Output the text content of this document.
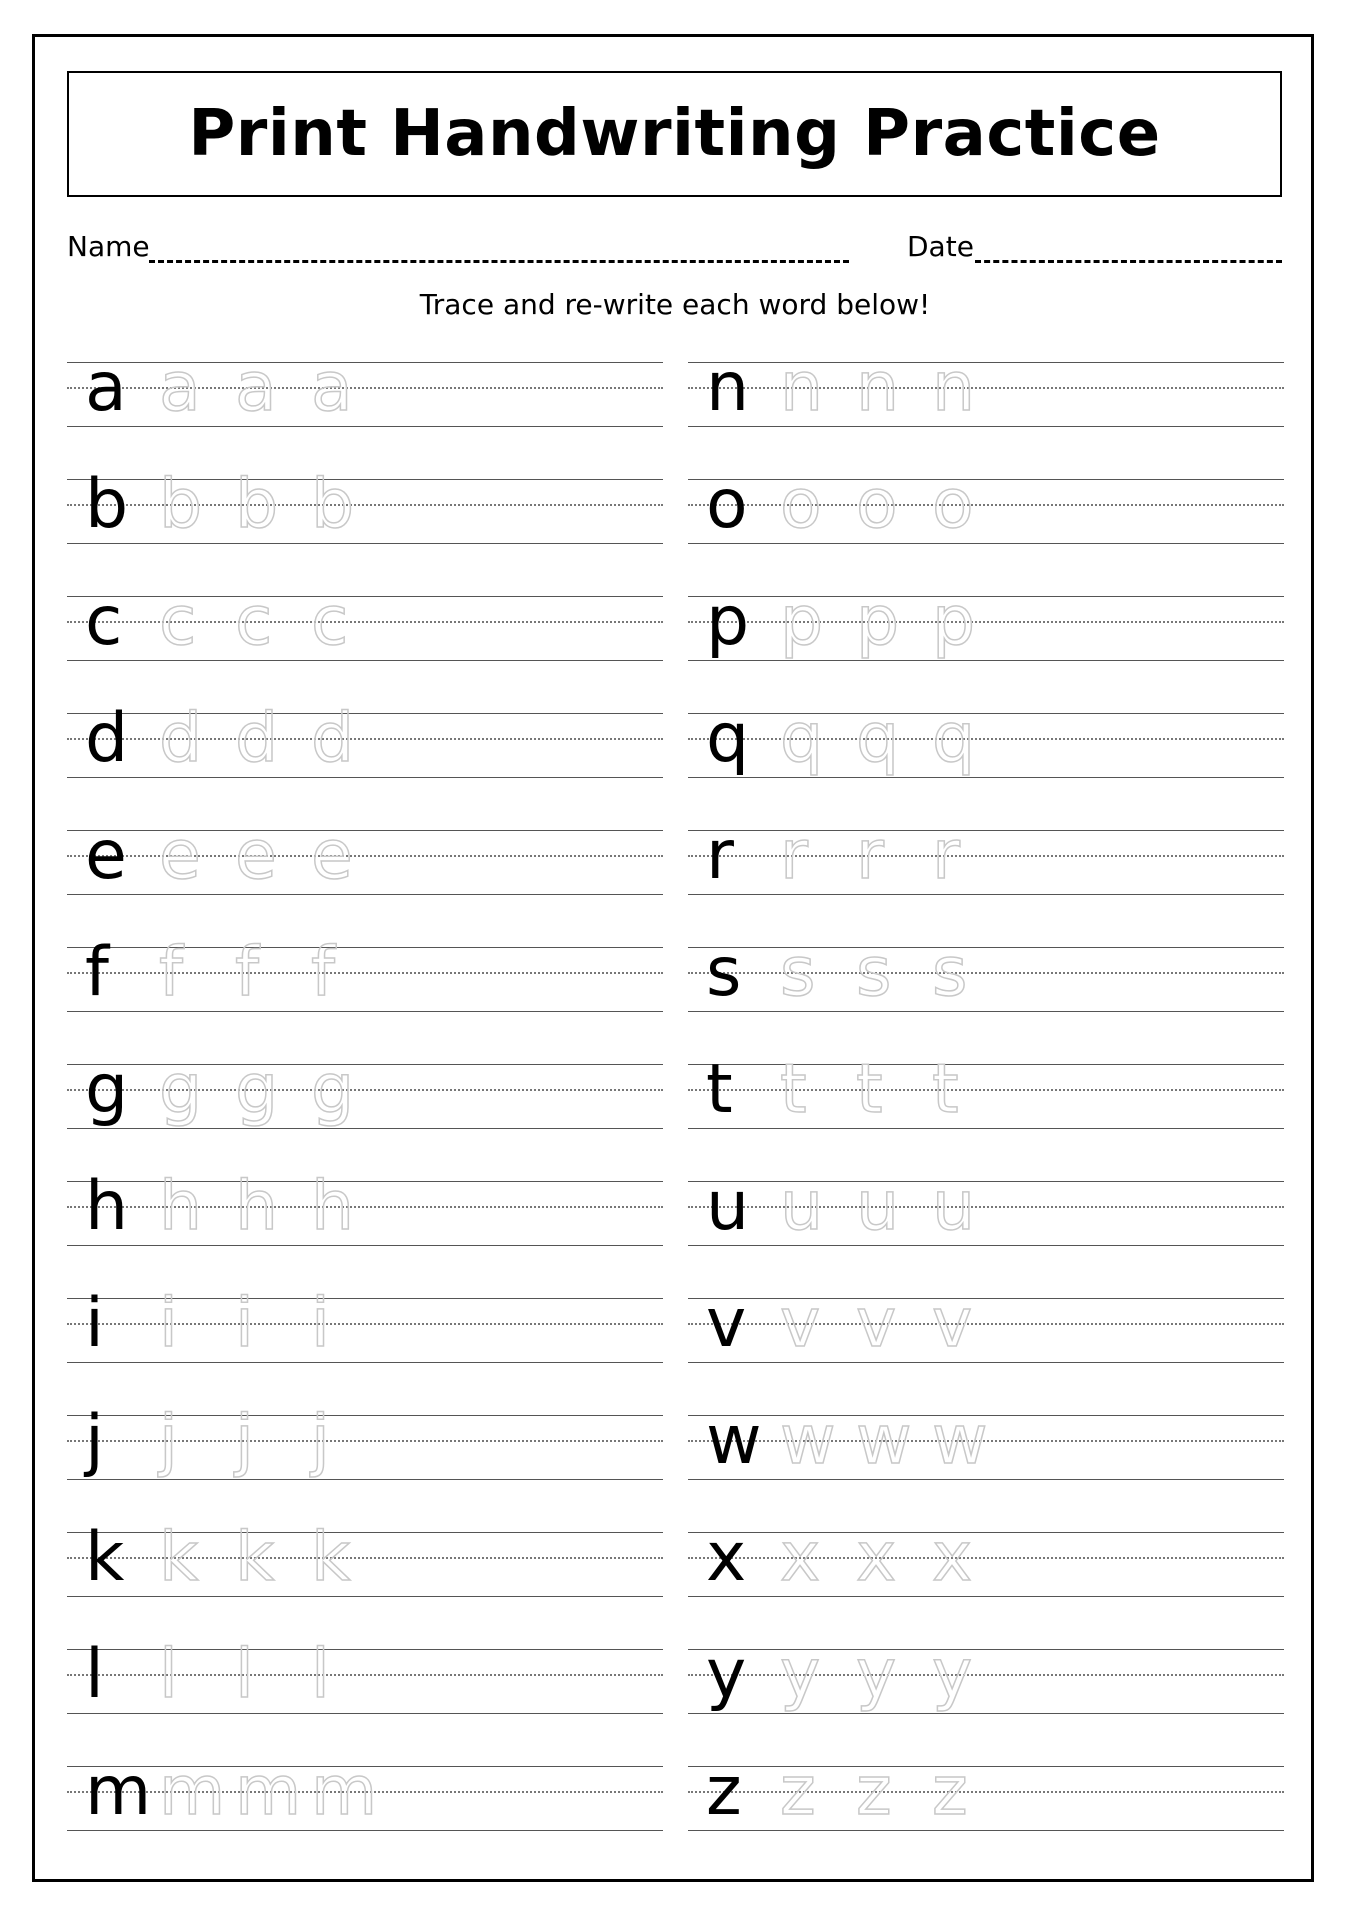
Print Handwriting Practice
Name	Date
Trace and re-write each word below!
a a a a
b b b b
c c c c
d d d d
e e e e
f f f f
g g g g
h h h h
i i i i
j j j j
k k k k
l l l l
m m m m
n n n n
o o o o
p p p p
q q q q
r r r r
s s s s
t t t t
u u u u
v v v v
w w w w
x x x x
y y y y
z z z z
